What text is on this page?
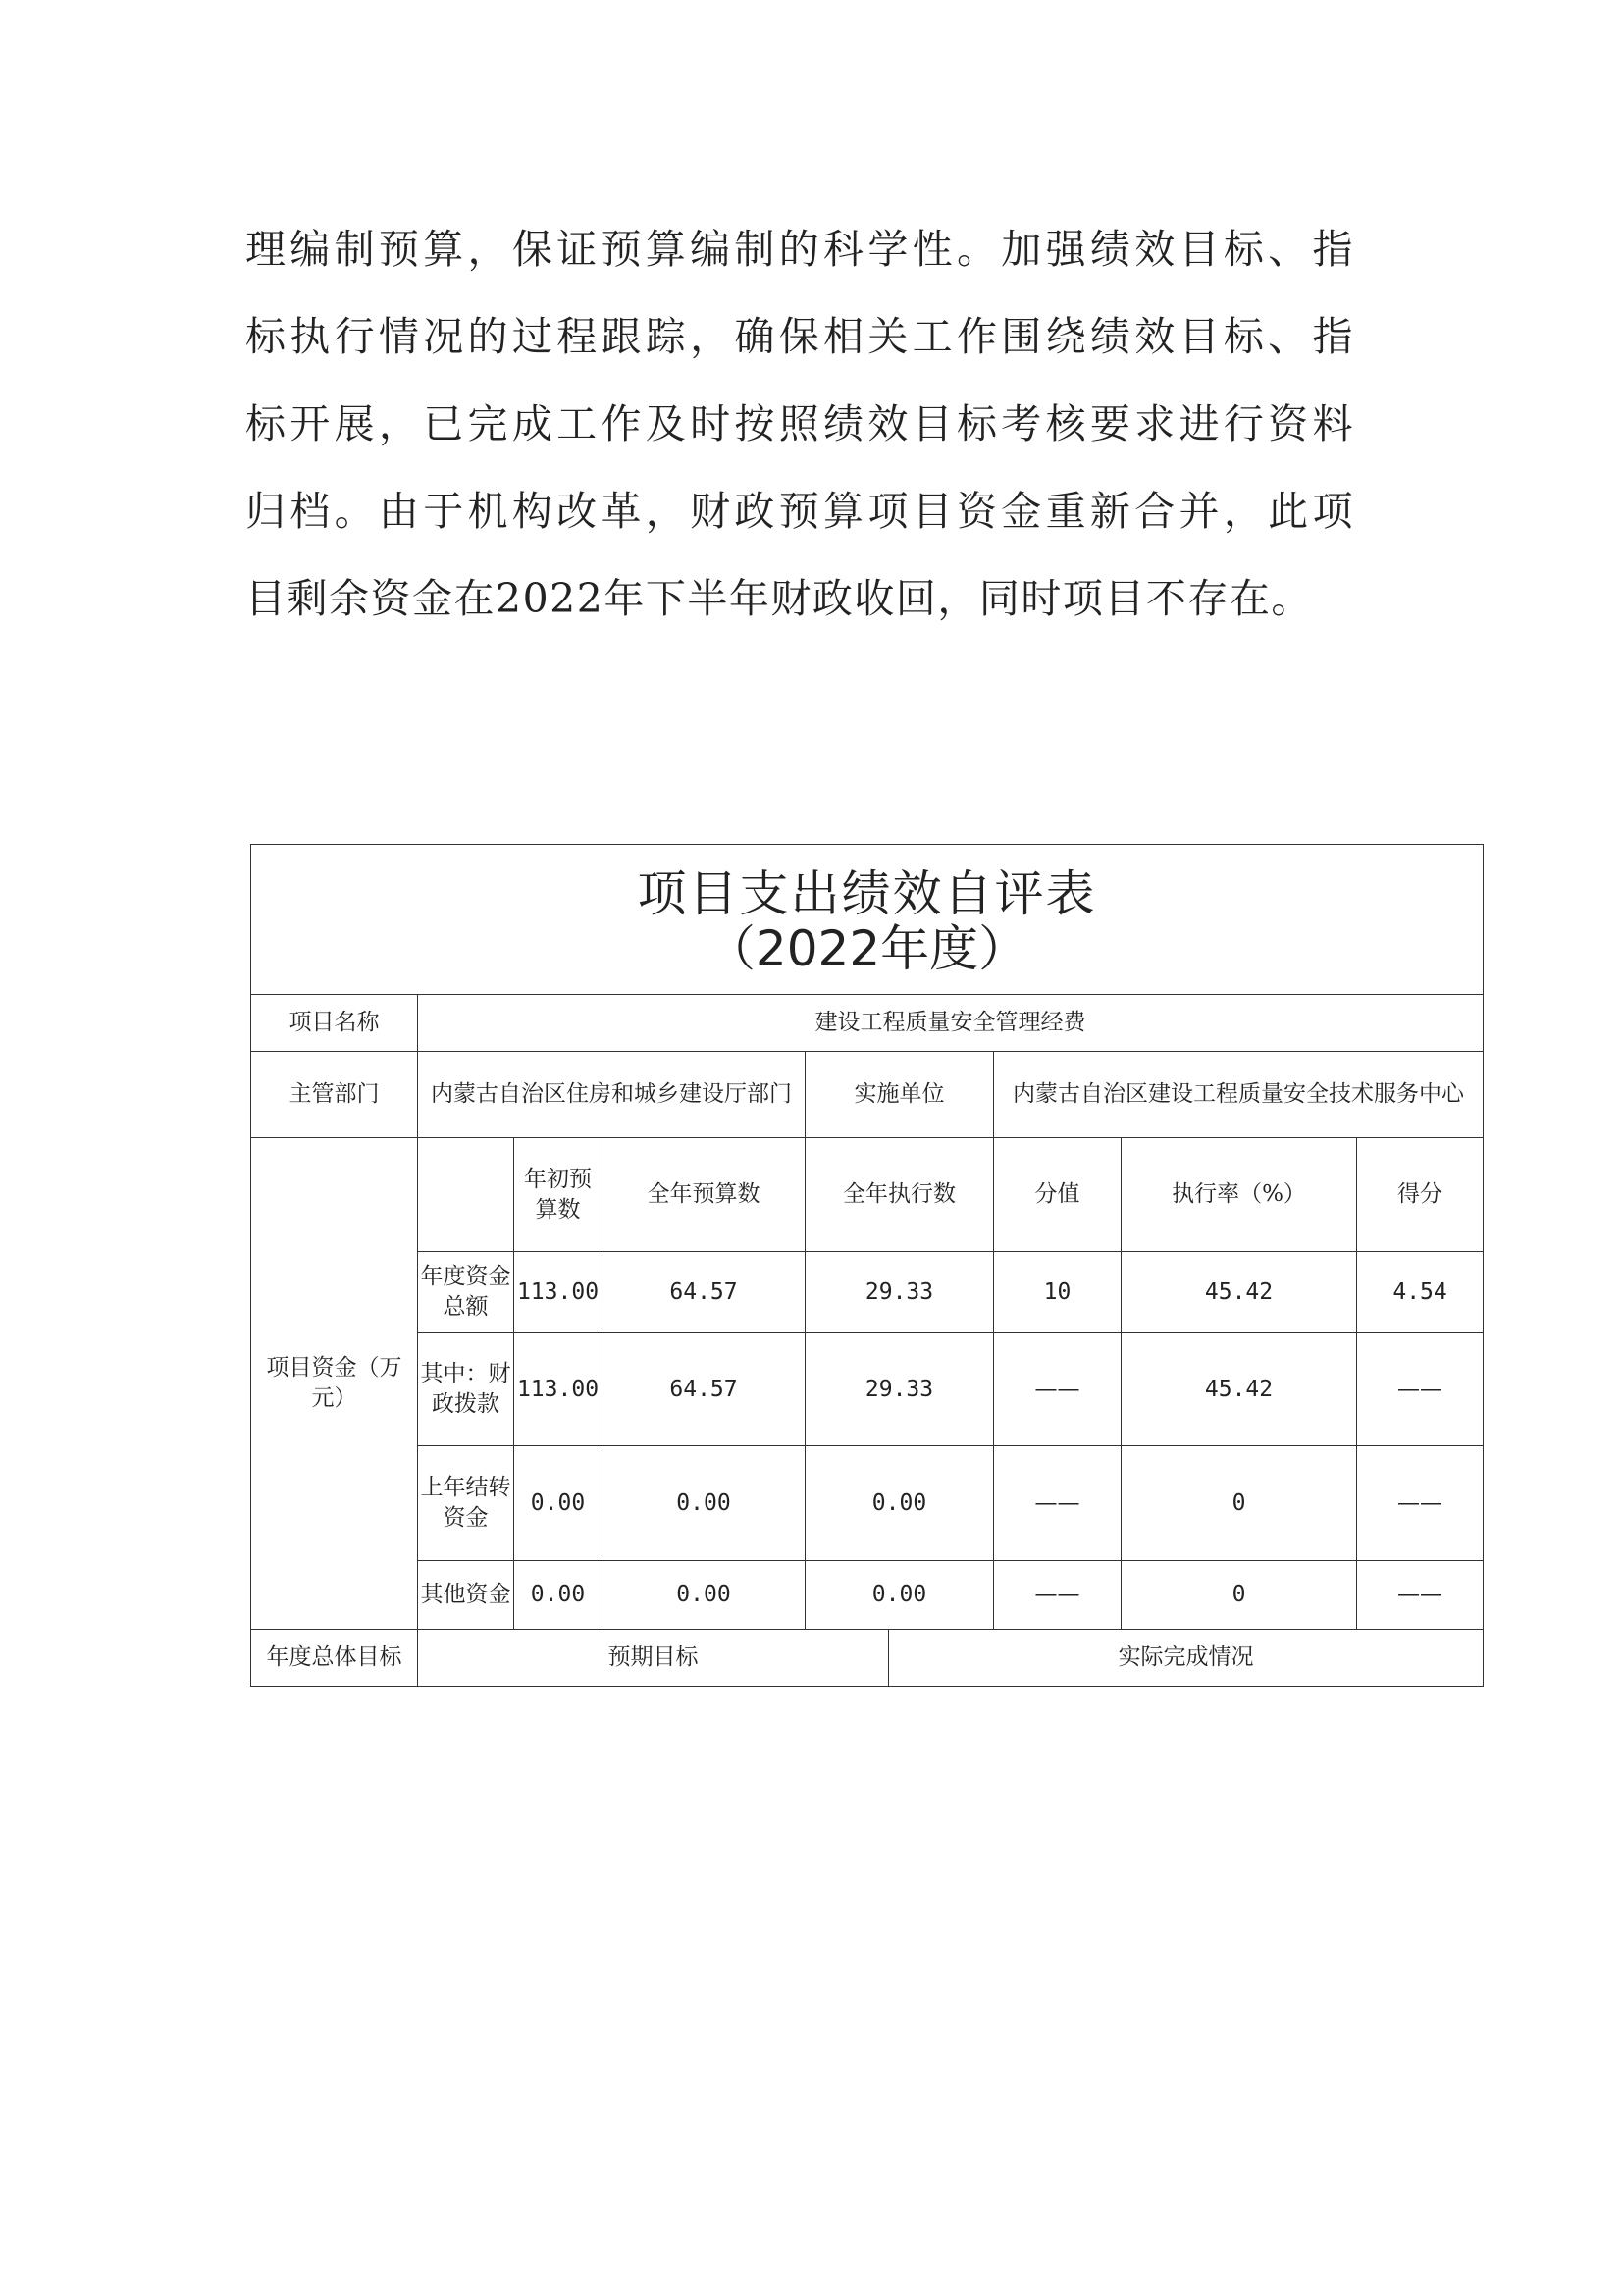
理编制预算，保证预算编制的科学性。加强绩效目标、指
标执行情况的过程跟踪，确保相关工作围绕绩效目标、指
标开展，已完成工作及时按照绩效目标考核要求进行资料
归档。由于机构改革，财政预算项目资金重新合并，此项
目剩余资金在2022年下半年财政收回，同时项目不存在。
项目支出绩效自评表
（2022年度）								

项目名称	建设工程质量安全管理经费							
主管部门	内蒙古自治区住房和城乡建设厅部门			实施单位		内蒙古自治区建设工程质量安全技术服务中心		
项目资金（万元）		年初预算数	全年预算数	全年执行数		分值	执行率（%）	得分
	年度资金总额	113.00	64.57	29.33		10	45.42	4.54
	其中：财政拨款	113.00	64.57	29.33		——	45.42	——
	上年结转资金	0.00	0.00	0.00		——	0	——
	其他资金	0.00	0.00	0.00		——	0	——
年度总体目标	预期目标				实际完成情况			
